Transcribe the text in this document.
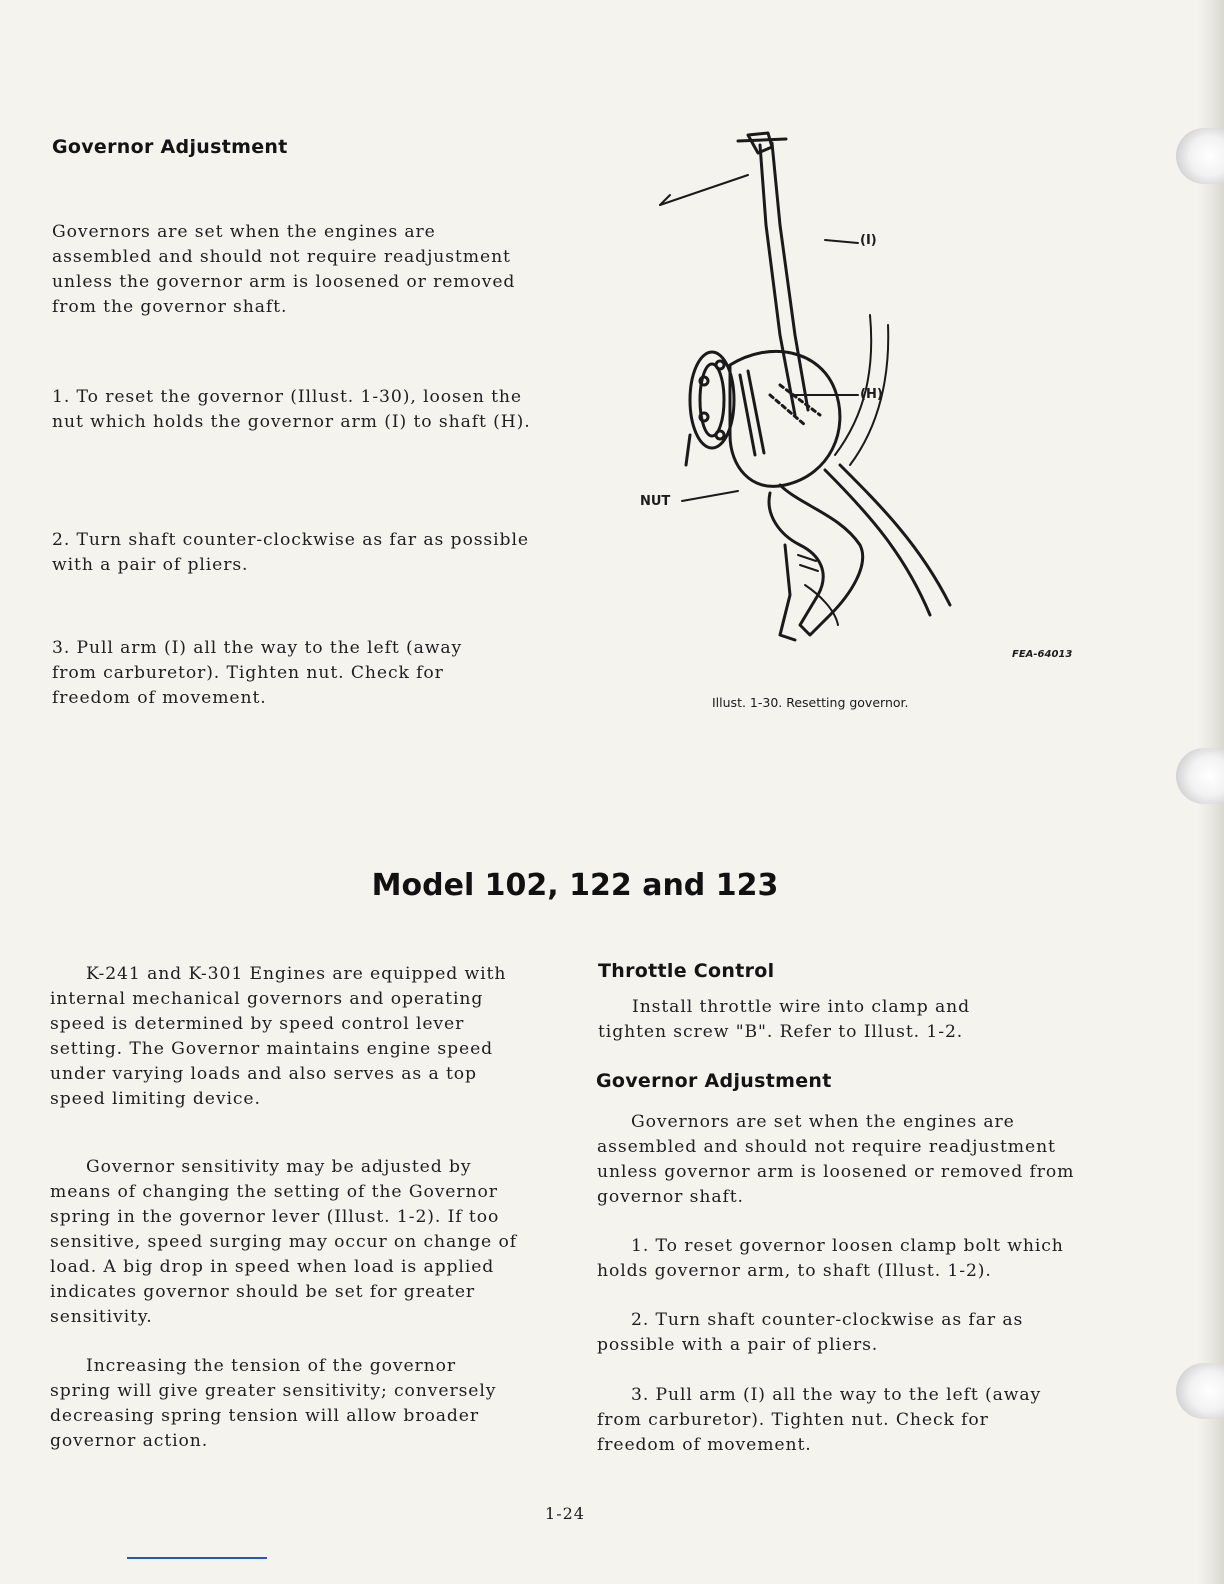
Governor Adjustment

Governors are set when the engines are assembled and should not require readjustment unless the governor arm is loosened or removed from the governor shaft.

1. To reset the governor (Illust. 1-30), loosen the nut which holds the governor arm (I) to shaft (H).

2. Turn shaft counter-clockwise as far as possible with a pair of pliers.

3. Pull arm (I) all the way to the left (away from carburetor). Tighten nut. Check for freedom of movement.

(I)
(H)
NUT
FEA-64013

Illust. 1-30. Resetting governor.

Model 102, 122 and 123

K-241 and K-301 Engines are equipped with internal mechanical governors and operating speed is determined by speed control lever setting. The Governor maintains engine speed under varying loads and also serves as a top speed limiting device.

Governor sensitivity may be adjusted by means of changing the setting of the Governor spring in the governor lever (Illust. 1-2). If too sensitive, speed surging may occur on change of load. A big drop in speed when load is applied indicates governor should be set for greater sensitivity.

Increasing the tension of the governor spring will give greater sensitivity; conversely decreasing spring tension will allow broader governor action.

Throttle Control

Install throttle wire into clamp and tighten screw "B". Refer to Illust. 1-2.

Governor Adjustment

Governors are set when the engines are assembled and should not require readjustment unless governor arm is loosened or removed from governor shaft.

1. To reset governor loosen clamp bolt which holds governor arm, to shaft (Illust. 1-2).

2. Turn shaft counter-clockwise as far as possible with a pair of pliers.

3. Pull arm (I) all the way to the left (away from carburetor). Tighten nut. Check for freedom of movement.

1-24
